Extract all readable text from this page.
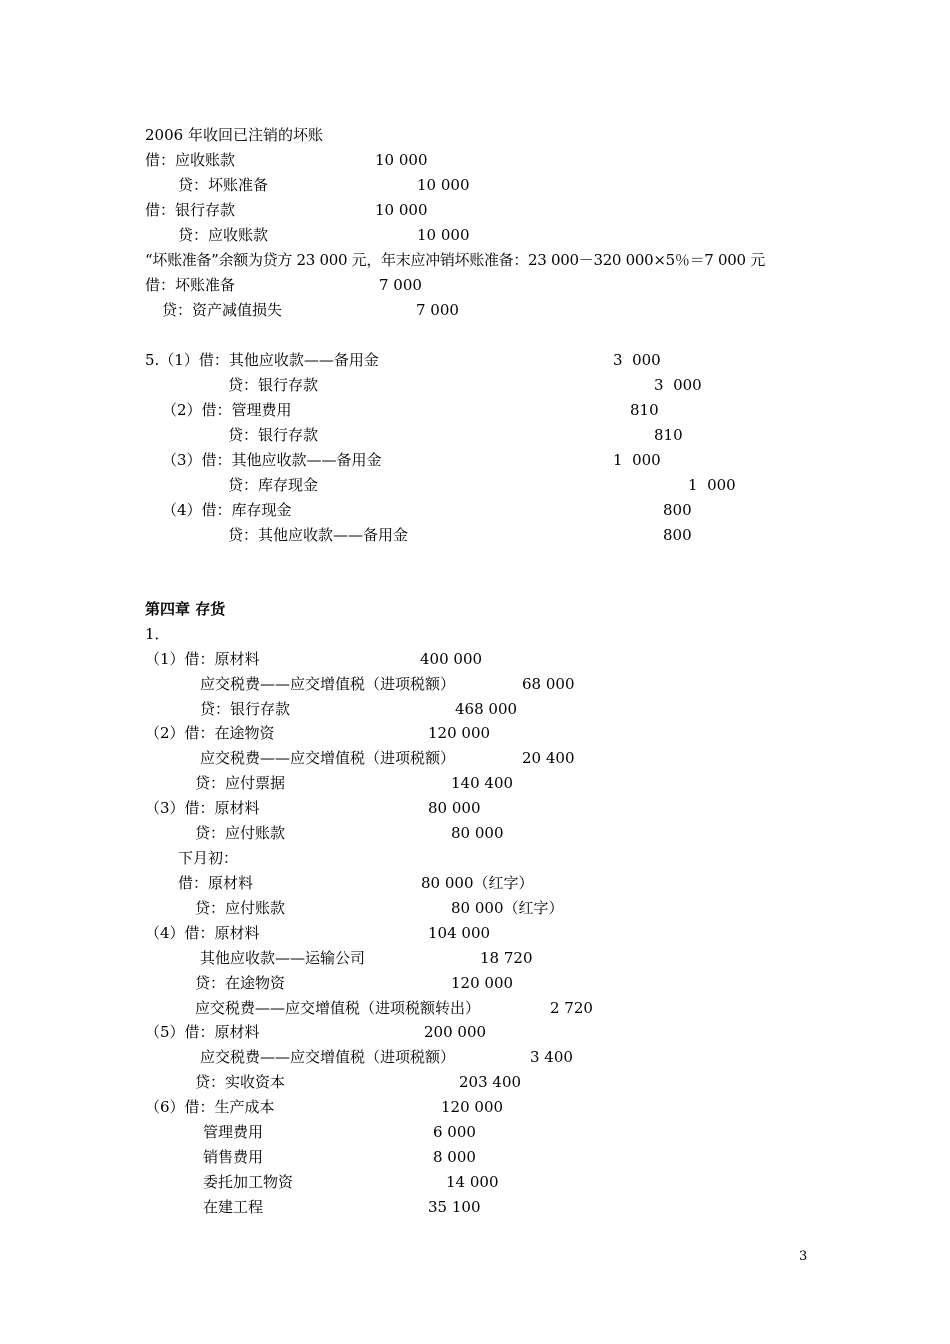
2006 年收回已注销的坏账
借：应收账款	10 000
贷：坏账准备	10 000
借：银行存款	10 000
贷：应收账款	10 000
“坏账准备”余额为贷方 23 000 元，年末应冲销坏账准备：23 000－320 000×5％＝7 000 元
借：坏账准备	7 000
贷：资产减值损失	7 000
5.（1）借：其他应收款——备用金	3  000
贷：银行存款	3  000
（2）借：管理费用	810
贷：银行存款	810
（3）借：其他应收款——备用金	1  000
贷：库存现金	1  000
（4）借：库存现金	800
贷：其他应收款——备用金	800
第四章 存货
1．
（1）借：原材料	400 000
应交税费——应交增值税（进项税额）	68 000
贷：银行存款	468 000
（2）借：在途物资	120 000
应交税费——应交增值税（进项税额）	20 400
贷：应付票据	140 400
（3）借：原材料	80 000
贷：应付账款	80 000
下月初：
借：原材料	80 000（红字）
贷：应付账款	80 000（红字）
（4）借：原材料	104 000
其他应收款——运输公司	18 720
贷：在途物资	120 000
应交税费——应交增值税（进项税额转出）	2 720
（5）借：原材料	200 000
应交税费——应交增值税（进项税额）	3 400
贷：实收资本	203 400
（6）借：生产成本	120 000
管理费用	6 000
销售费用	8 000
委托加工物资	14 000
在建工程	35 100
3
